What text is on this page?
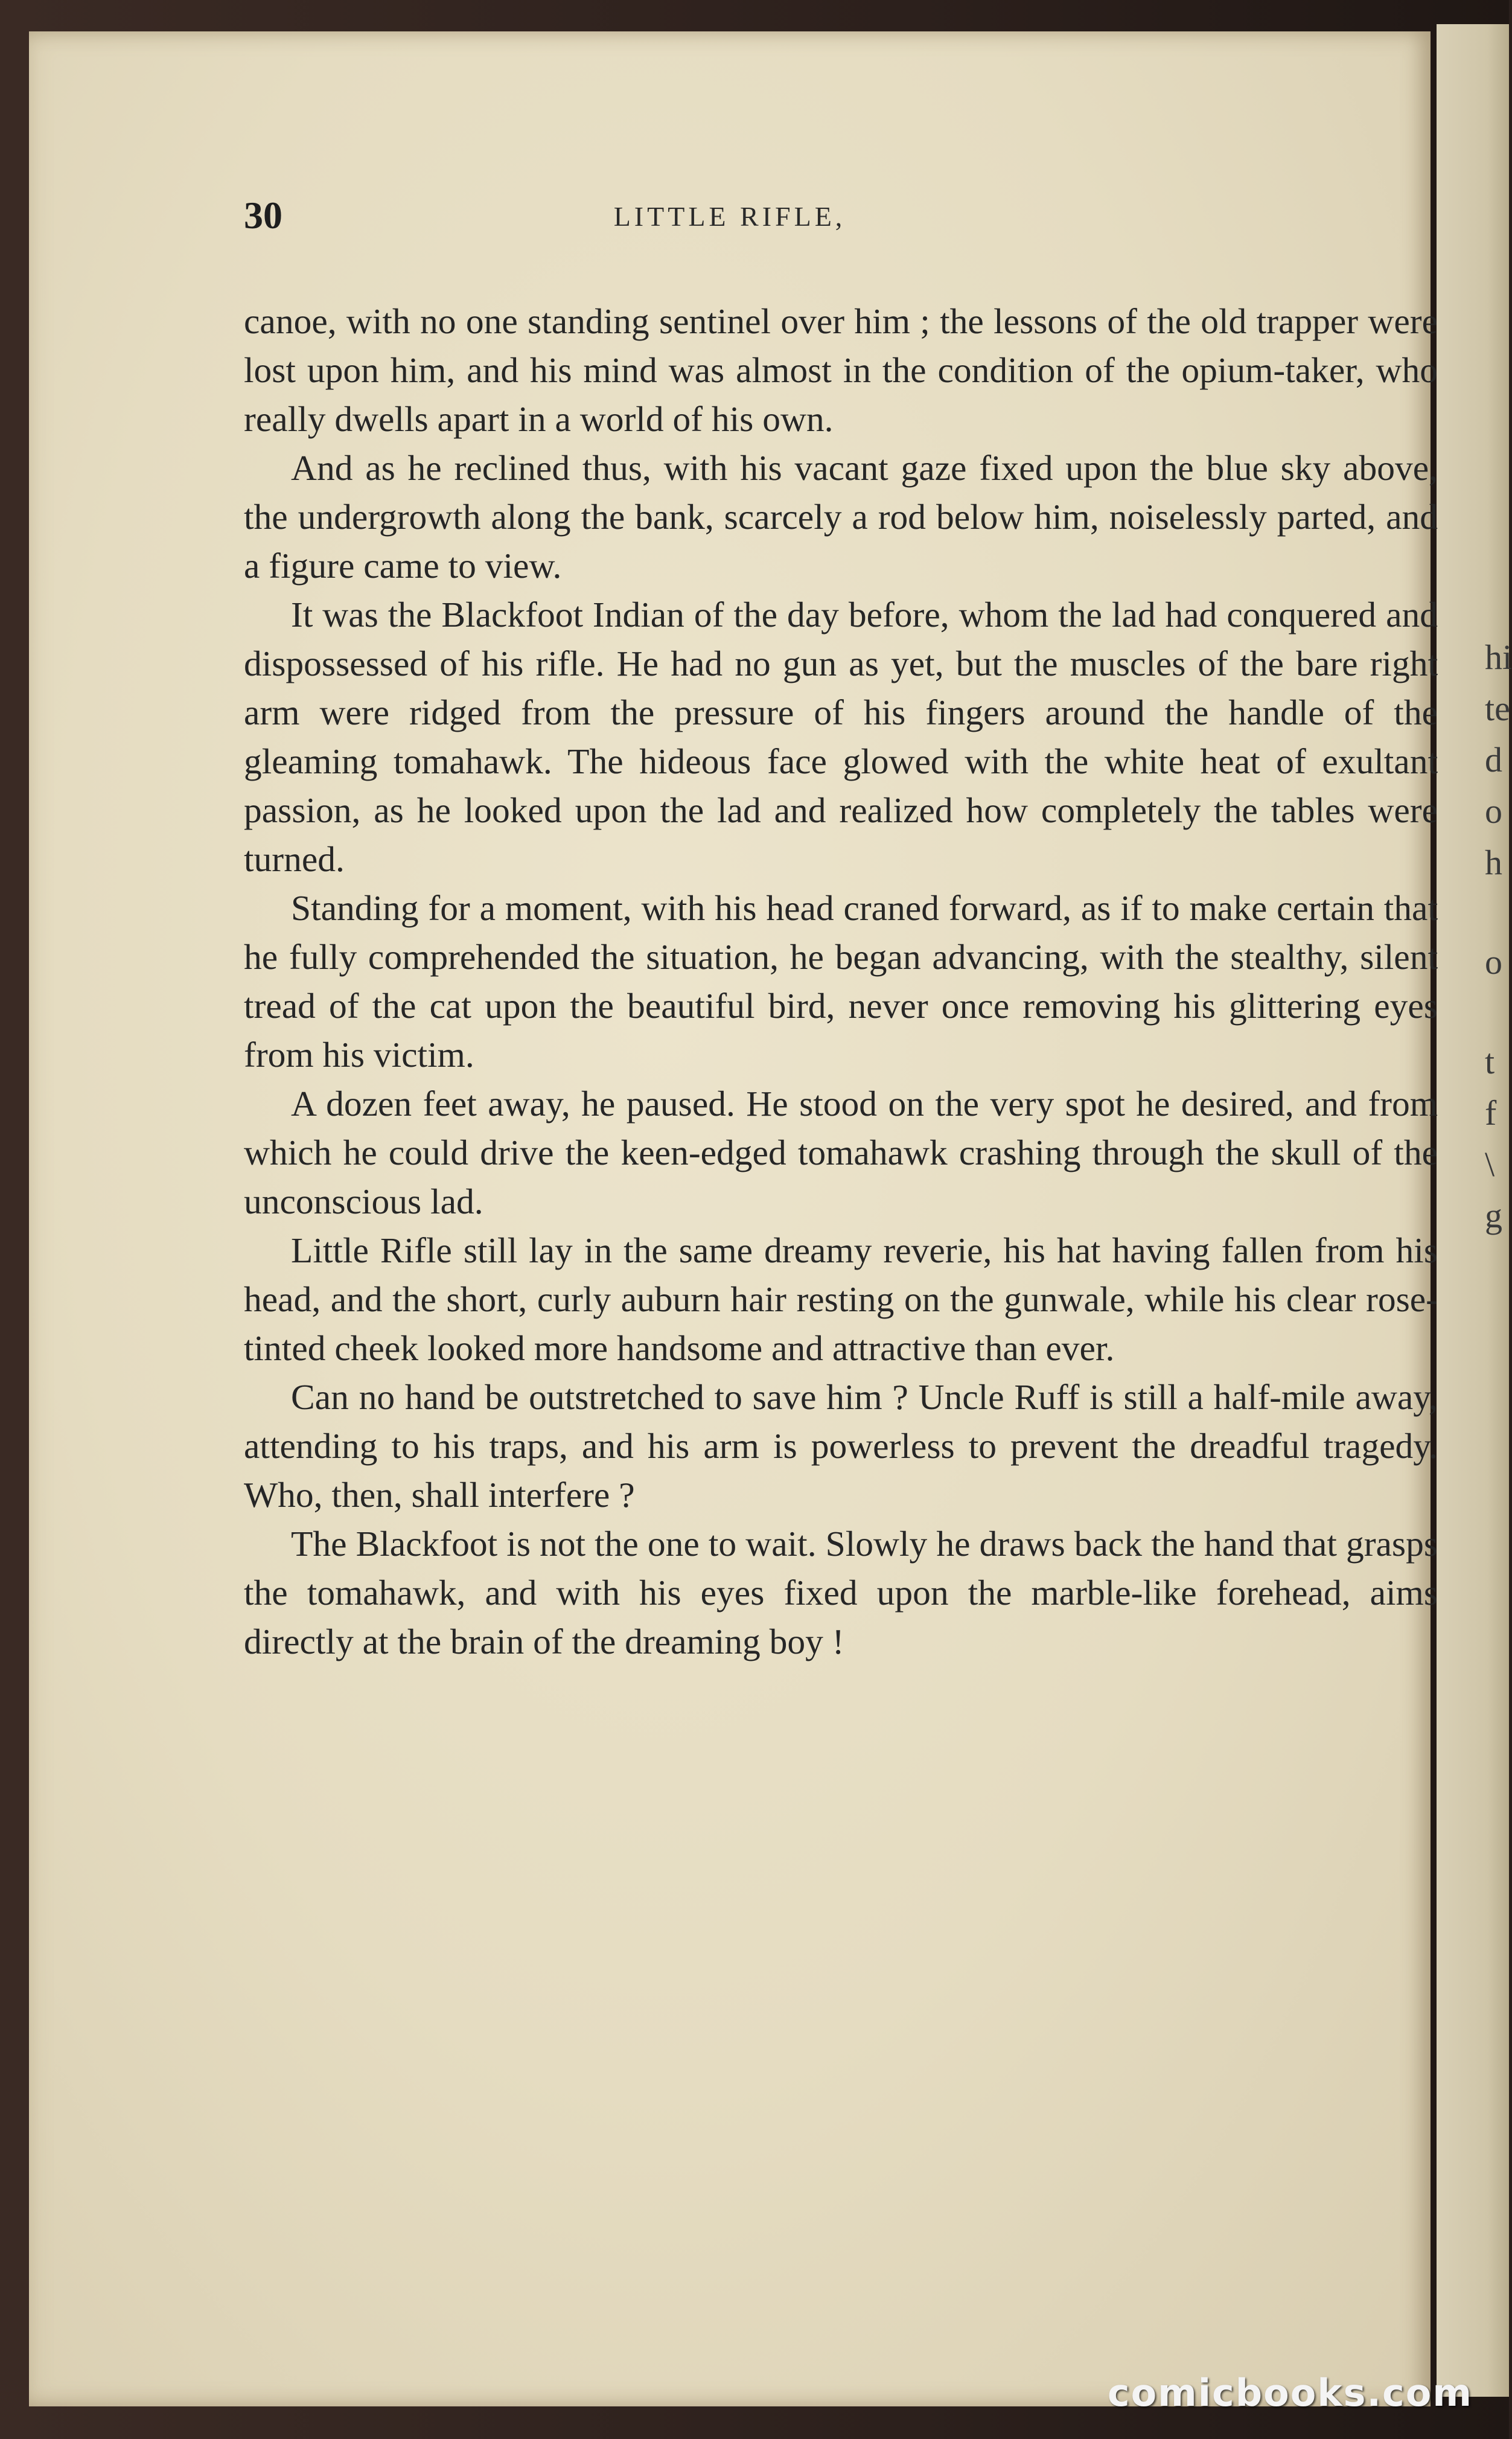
hi
te
d
o
h
o
t
f
\
g
30	LITTLE RIFLE,

canoe, with no one standing sentinel over him ; the lessons of the old trapper were lost upon him, and his mind was almost in the condition of the opium-taker, who really dwells apart in a world of his own.

And as he reclined thus, with his vacant gaze fixed upon the blue sky above, the undergrowth along the bank, scarcely a rod below him, noiselessly parted, and a figure came to view.

It was the Blackfoot Indian of the day before, whom the lad had conquered and dispossessed of his rifle. He had no gun as yet, but the muscles of the bare right arm were ridged from the pressure of his fingers around the handle of the gleaming tomahawk. The hideous face glowed with the white heat of exultant passion, as he looked upon the lad and realized how completely the tables were turned.

Standing for a moment, with his head craned forward, as if to make certain that he fully comprehended the situation, he began advancing, with the stealthy, silent tread of the cat upon the beautiful bird, never once removing his glittering eyes from his victim.

A dozen feet away, he paused. He stood on the very spot he desired, and from which he could drive the keen-edged tomahawk crashing through the skull of the unconscious lad.

Little Rifle still lay in the same dreamy reverie, his hat having fallen from his head, and the short, curly auburn hair resting on the gunwale, while his clear rose-tinted cheek looked more handsome and attractive than ever.

Can no hand be outstretched to save him ? Uncle Ruff is still a half-mile away, attending to his traps, and his arm is powerless to prevent the dreadful tragedy. Who, then, shall interfere ?

The Blackfoot is not the one to wait. Slowly he draws back the hand that grasps the tomahawk, and with his eyes fixed upon the marble-like forehead, aims directly at the brain of the dreaming boy !

comicbooks.com
